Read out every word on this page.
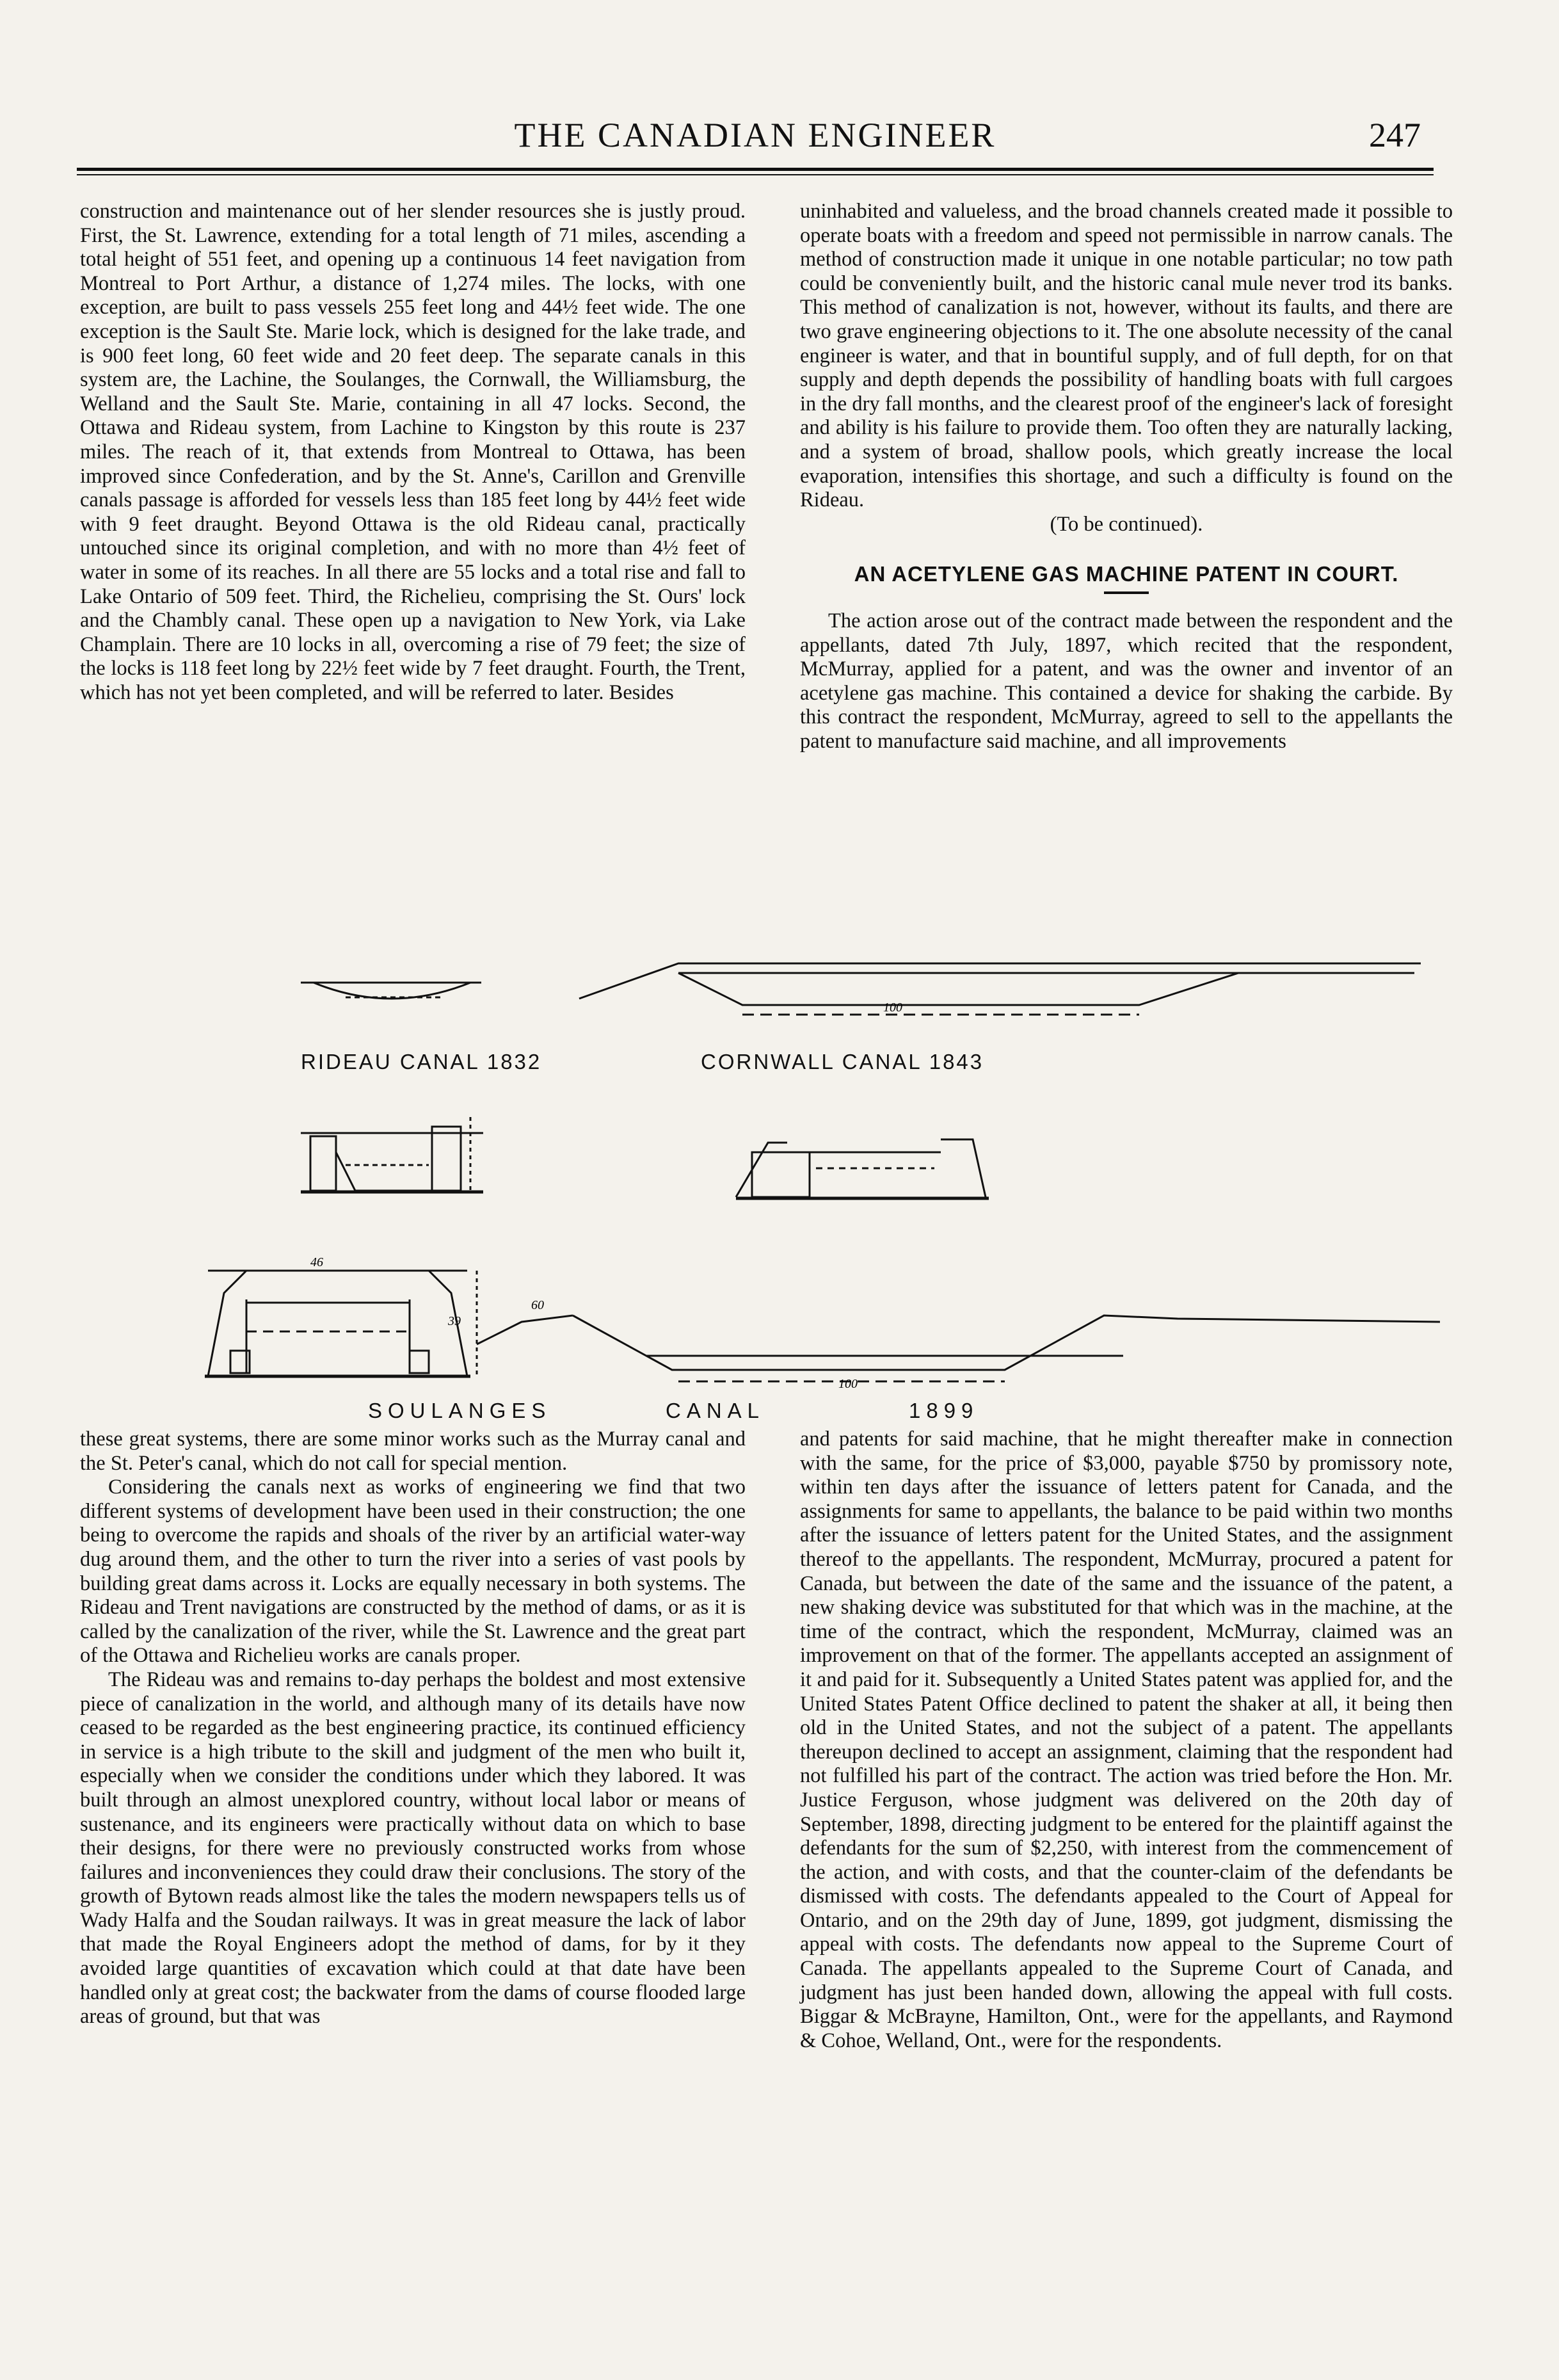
THE CANADIAN ENGINEER	247

construction and maintenance out of her slender resources she is justly proud. First, the St. Lawrence, extending for a total length of 71 miles, ascending a total height of 551 feet, and opening up a continuous 14 feet navigation from Montreal to Port Arthur, a distance of 1,274 miles. The locks, with one exception, are built to pass vessels 255 feet long and 44½ feet wide. The one exception is the Sault Ste. Marie lock, which is designed for the lake trade, and is 900 feet long, 60 feet wide and 20 feet deep. The separate canals in this system are, the Lachine, the Soulanges, the Cornwall, the Williamsburg, the Welland and the Sault Ste. Marie, containing in all 47 locks. Second, the Ottawa and Rideau system, from Lachine to Kingston by this route is 237 miles. The reach of it, that extends from Montreal to Ottawa, has been improved since Confederation, and by the St. Anne's, Carillon and Grenville canals passage is afforded for vessels less than 185 feet long by 44½ feet wide with 9 feet draught. Beyond Ottawa is the old Rideau canal, practically untouched since its original completion, and with no more than 4½ feet of water in some of its reaches. In all there are 55 locks and a total rise and fall to Lake Ontario of 509 feet. Third, the Richelieu, comprising the St. Ours' lock and the Chambly canal. These open up a navigation to New York, via Lake Champlain. There are 10 locks in all, overcoming a rise of 79 feet; the size of the locks is 118 feet long by 22½ feet wide by 7 feet draught. Fourth, the Trent, which has not yet been completed, and will be referred to later. Besides

uninhabited and valueless, and the broad channels created made it possible to operate boats with a freedom and speed not permissible in narrow canals. The method of construction made it unique in one notable particular; no tow path could be conveniently built, and the historic canal mule never trod its banks. This method of canalization is not, however, without its faults, and there are two grave engineering objections to it. The one absolute necessity of the canal engineer is water, and that in bountiful supply, and of full depth, for on that supply and depth depends the possibility of handling boats with full cargoes in the dry fall months, and the clearest proof of the engineer's lack of foresight and ability is his failure to provide them. Too often they are naturally lacking, and a system of broad, shallow pools, which greatly increase the local evaporation, intensifies this shortage, and such a difficulty is found on the Rideau.

(To be continued).

AN ACETYLENE GAS MACHINE PATENT IN COURT.

The action arose out of the contract made between the respondent and the appellants, dated 7th July, 1897, which recited that the respondent, McMurray, applied for a patent, and was the owner and inventor of an acetylene gas machine. This contained a device for shaking the carbide. By this contract the respondent, McMurray, agreed to sell to the appellants the patent to manufacture said machine, and all improvements

100
100
60
46
39
RIDEAU CANAL 1832	CORNWALL CANAL 1843
SOULANGES	CANAL	1899

these great systems, there are some minor works such as the Murray canal and the St. Peter's canal, which do not call for special mention.

Considering the canals next as works of engineering we find that two different systems of development have been used in their construction; the one being to overcome the rapids and shoals of the river by an artificial water-way dug around them, and the other to turn the river into a series of vast pools by building great dams across it. Locks are equally necessary in both systems. The Rideau and Trent navigations are constructed by the method of dams, or as it is called by the canalization of the river, while the St. Lawrence and the great part of the Ottawa and Richelieu works are canals proper.

The Rideau was and remains to-day perhaps the boldest and most extensive piece of canalization in the world, and although many of its details have now ceased to be regarded as the best engineering practice, its continued efficiency in service is a high tribute to the skill and judgment of the men who built it, especially when we consider the conditions under which they labored. It was built through an almost unexplored country, without local labor or means of sustenance, and its engineers were practically without data on which to base their designs, for there were no previously constructed works from whose failures and inconveniences they could draw their conclusions. The story of the growth of Bytown reads almost like the tales the modern newspapers tells us of Wady Halfa and the Soudan railways. It was in great measure the lack of labor that made the Royal Engineers adopt the method of dams, for by it they avoided large quantities of excavation which could at that date have been handled only at great cost; the backwater from the dams of course flooded large areas of ground, but that was

and patents for said machine, that he might thereafter make in connection with the same, for the price of $3,000, payable $750 by promissory note, within ten days after the issuance of letters patent for Canada, and the assignments for same to appellants, the balance to be paid within two months after the issuance of letters patent for the United States, and the assignment thereof to the appellants. The respondent, McMurray, procured a patent for Canada, but between the date of the same and the issuance of the patent, a new shaking device was substituted for that which was in the machine, at the time of the contract, which the respondent, McMurray, claimed was an improvement on that of the former. The appellants accepted an assignment of it and paid for it. Subsequently a United States patent was applied for, and the United States Patent Office declined to patent the shaker at all, it being then old in the United States, and not the subject of a patent. The appellants thereupon declined to accept an assignment, claiming that the respondent had not fulfilled his part of the contract. The action was tried before the Hon. Mr. Justice Ferguson, whose judgment was delivered on the 20th day of September, 1898, directing judgment to be entered for the plaintiff against the defendants for the sum of $2,250, with interest from the commencement of the action, and with costs, and that the counter-claim of the defendants be dismissed with costs. The defendants appealed to the Court of Appeal for Ontario, and on the 29th day of June, 1899, got judgment, dismissing the appeal with costs. The defendants now appeal to the Supreme Court of Canada. The appellants appealed to the Supreme Court of Canada, and judgment has just been handed down, allowing the appeal with full costs. Biggar & McBrayne, Hamilton, Ont., were for the appellants, and Raymond & Cohoe, Welland, Ont., were for the respondents.
